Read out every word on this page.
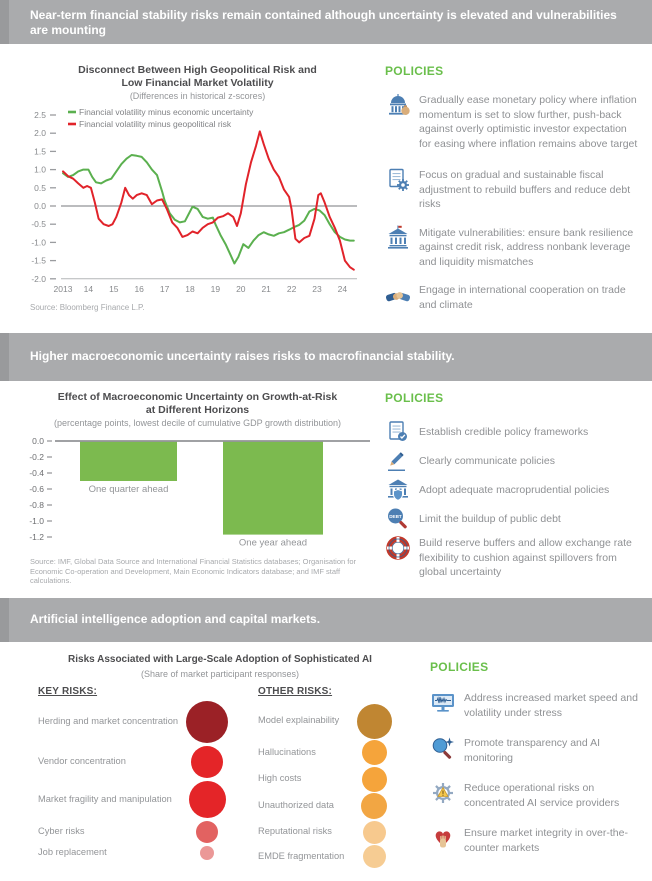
Near-term financial stability risks remain contained although uncertainty is elevated and vulnerabilities are mounting
Disconnect Between High Geopolitical Risk and
Low Financial Market Volatility
(Differences in historical z-scores)
2.5
2.0
1.5
1.0
0.5
0.0
-0.5
-1.0
-1.5
-2.0
2013 14 15 16 17 18 19 20 21 22 23 24
Financial volatility minus economic uncertainty
Financial volatility minus geopolitical risk
Source: Bloomberg Finance L.P.
POLICIES
Gradually ease monetary policy where inflation momentum is set to slow further, push-back against overly optimistic investor expectation for easing where inflation remains above target
Focus on gradual and sustainable fiscal adjustment to rebuild buffers and reduce debt risks
Mitigate vulnerabilities: ensure bank resilience against credit risk, address nonbank leverage and liquidity mismatches
Engage in international cooperation on trade and climate
Higher macroeconomic uncertainty raises risks to macrofinancial stability.
Effect of Macroeconomic Uncertainty on Growth-at-Risk
at Different Horizons
(percentage points, lowest decile of cumulative GDP growth distribution)
0.0
-0.2
-0.4
-0.6
-0.8
-1.0
-1.2
One quarter ahead
One year ahead
Source: IMF, Global Data Source and International Financial Statistics databases; Organisation for Economic Co-operation and Development, Main Economic Indicators database; and IMF staff calculations.
POLICIES
Establish credible policy frameworks
Clearly communicate policies
Adopt adequate macroprudential policies
DEBT Limit the buildup of public debt
Build reserve buffers and allow exchange rate flexibility to cushion against spillovers from global uncertainty
Artificial intelligence adoption and capital markets.
Risks Associated with Large-Scale Adoption of Sophisticated AI
(Share of market participant responses)
KEY RISKS:	OTHER RISKS:
Herding and market concentration
Vendor concentration
Market fragility and manipulation
Cyber risks
Job replacement
Model explainability
Hallucinations
High costs
Unauthorized data
Reputational risks
EMDE fragmentation
POLICIES
Address increased market speed and volatility under stress
Promote transparency and AI monitoring
Reduce operational risks on concentrated AI service providers
Ensure market integrity in over-the-counter markets
